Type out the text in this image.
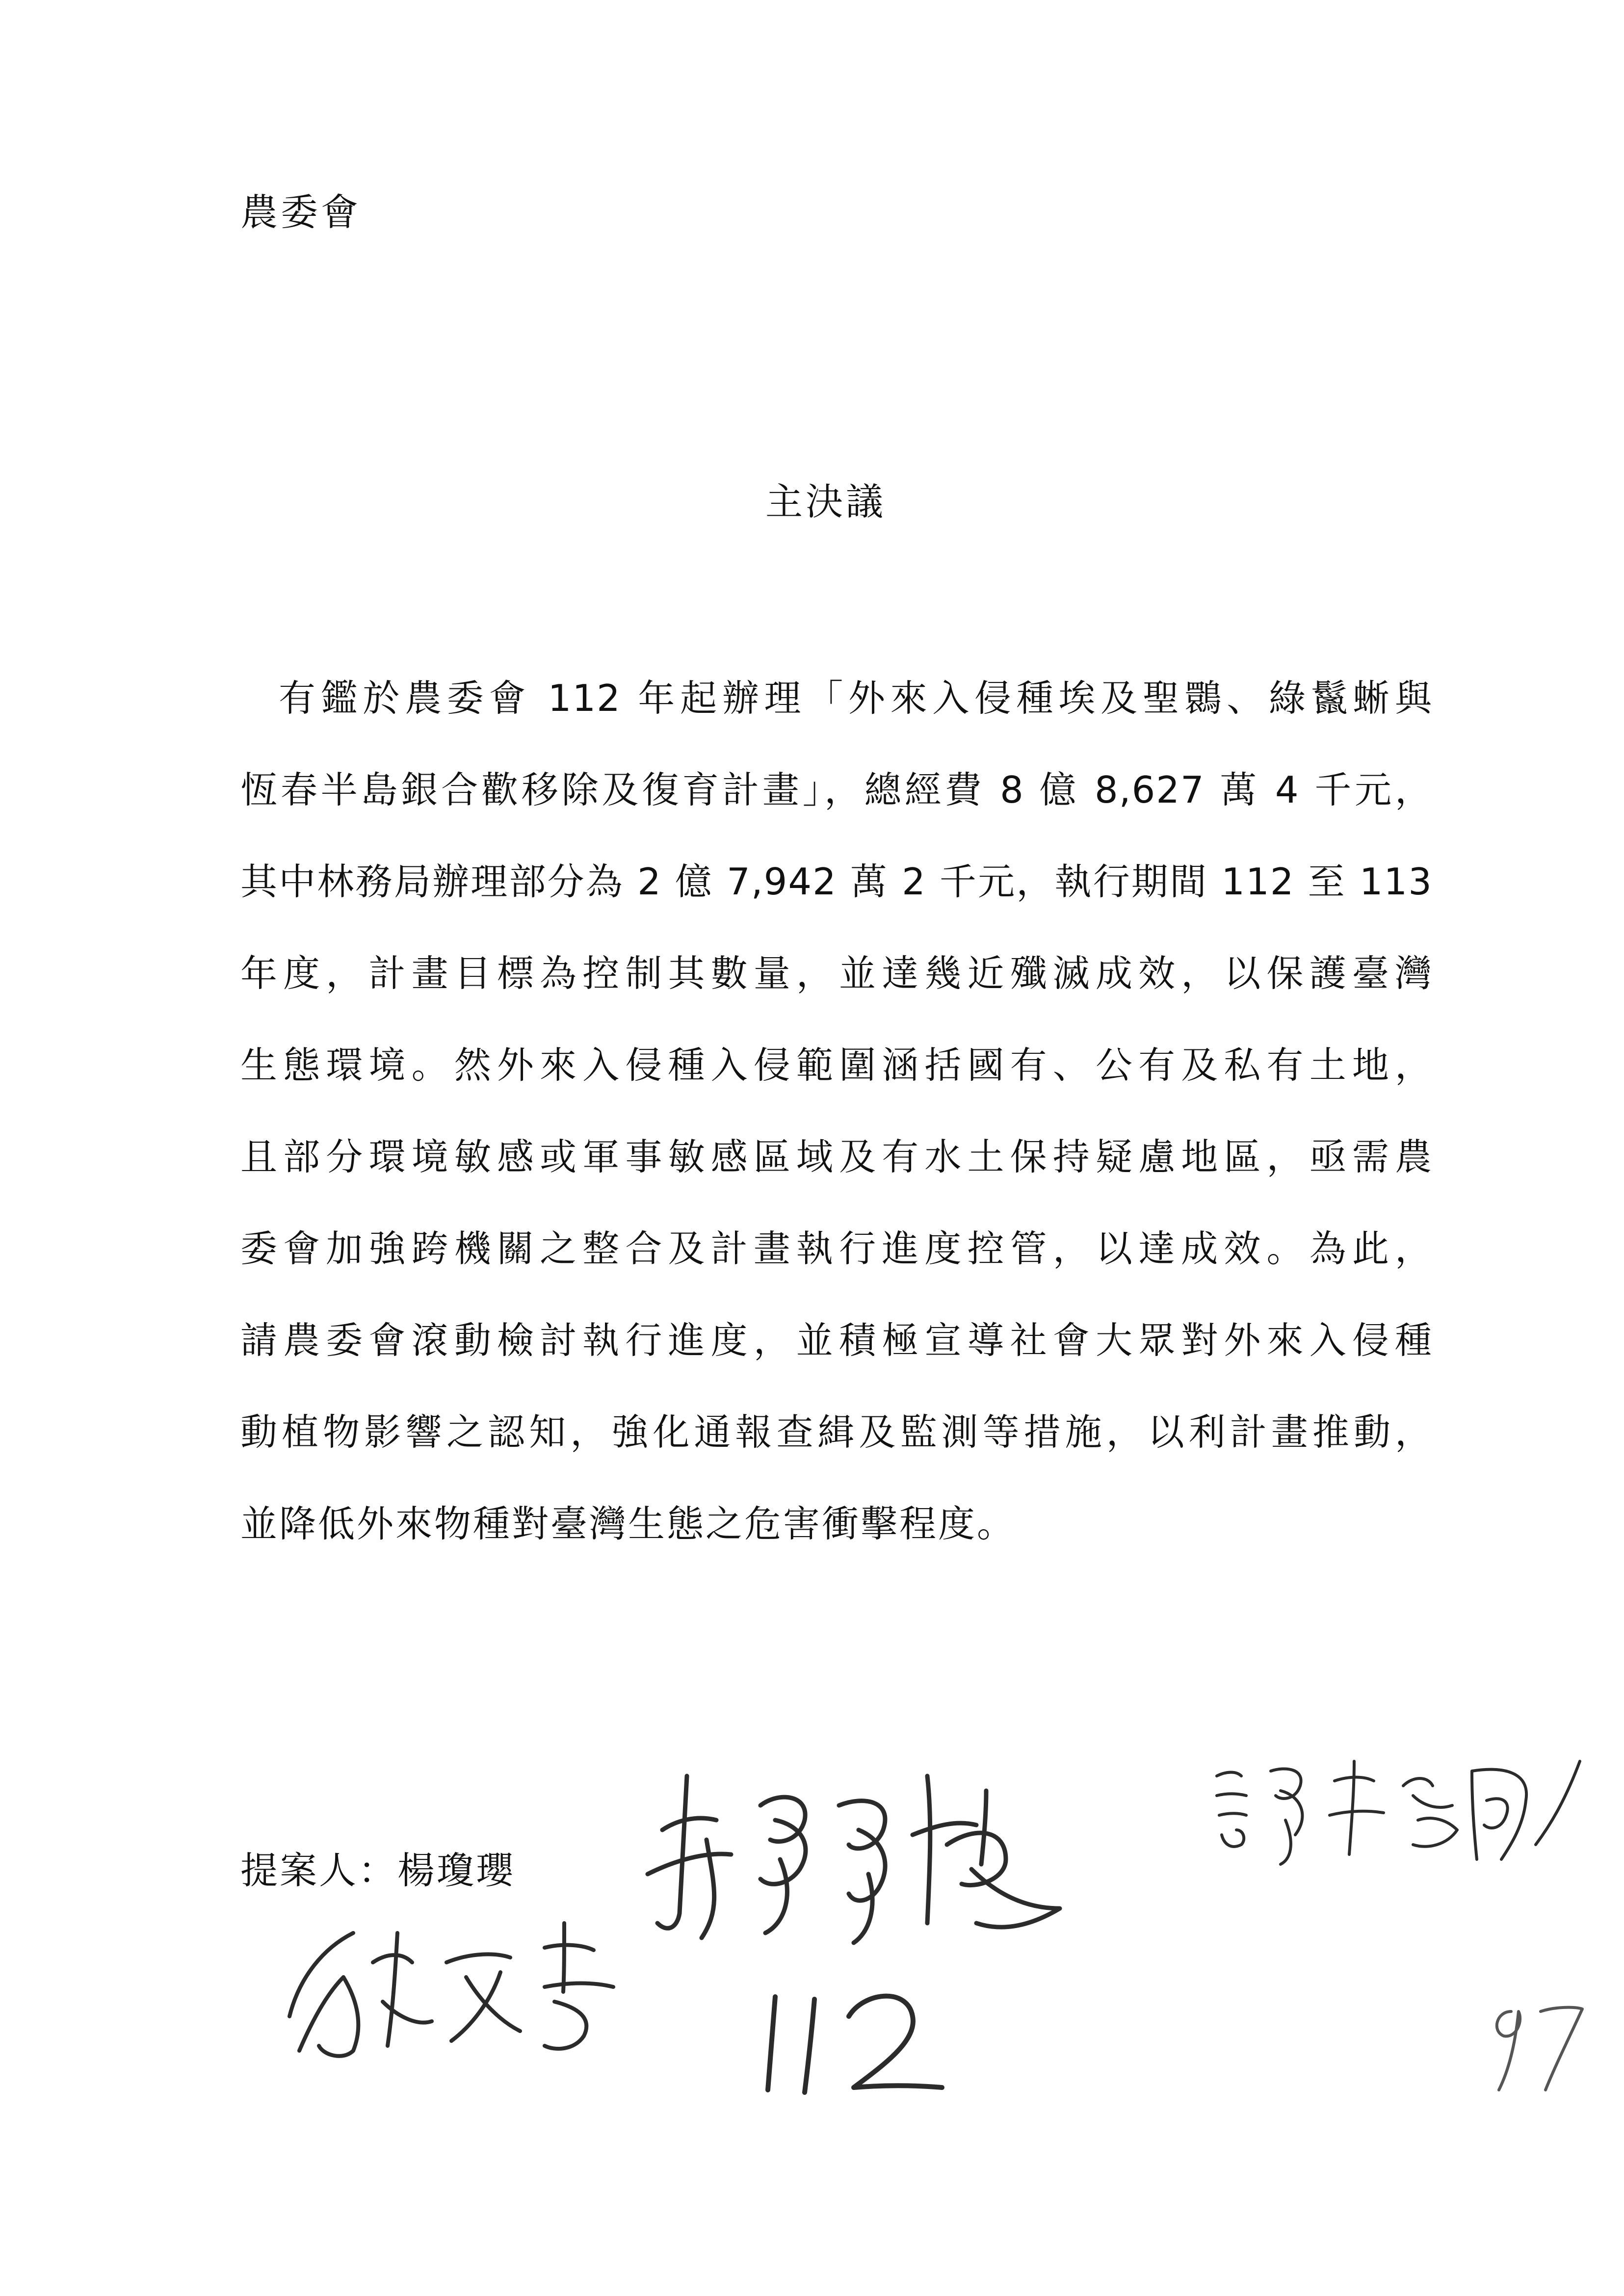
農委會
主決議
有鑑於農委會 112 年起辦理「外來入侵種埃及聖䴉、綠鬣蜥與
恆春半島銀合歡移除及復育計畫」，總經費 8 億 8,627 萬 4 千元，
其中林務局辦理部分為 2 億 7,942 萬 2 千元，執行期間 112 至 113
年度，計畫目標為控制其數量，並達幾近殲滅成效，以保護臺灣
生態環境。然外來入侵種入侵範圍涵括國有、公有及私有土地，
且部分環境敏感或軍事敏感區域及有水土保持疑慮地區，亟需農
委會加強跨機關之整合及計畫執行進度控管，以達成效。為此，
請農委會滾動檢討執行進度，並積極宣導社會大眾對外來入侵種
動植物影響之認知，強化通報查緝及監測等措施，以利計畫推動，
並降低外來物種對臺灣生態之危害衝擊程度。
提案人：楊瓊瓔
